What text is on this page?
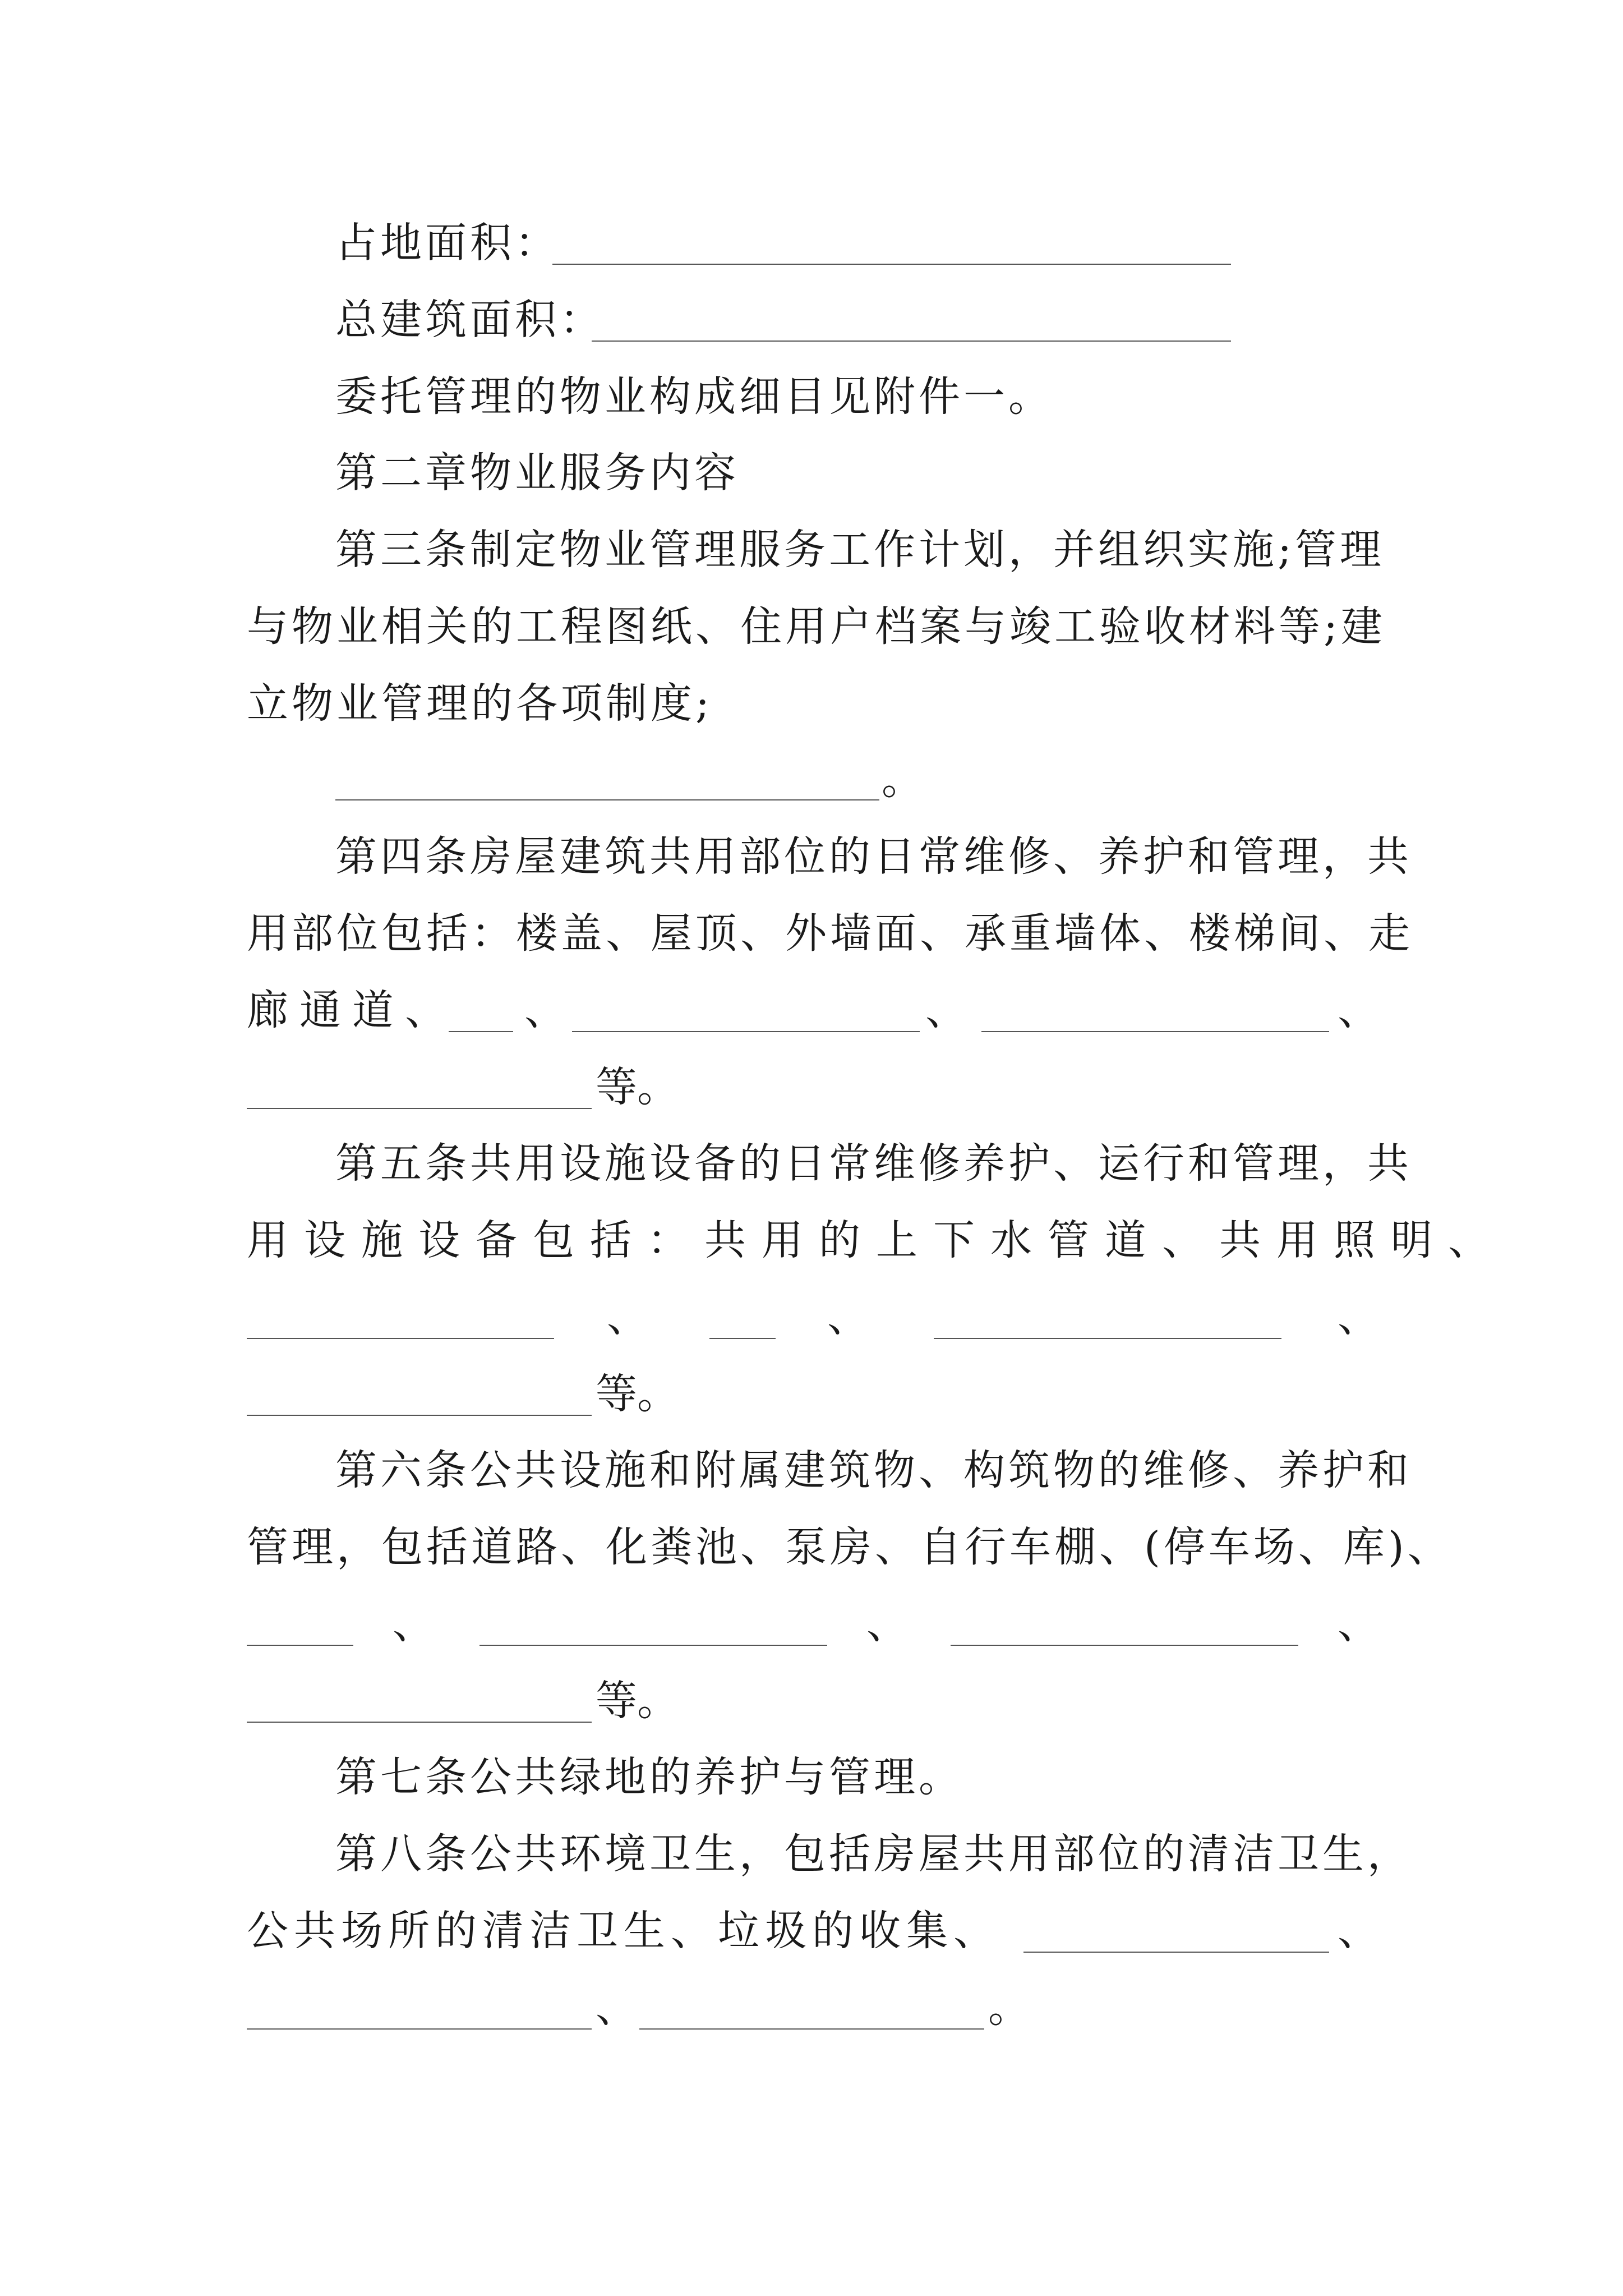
占地面积：
总建筑面积：
委托管理的物业构成细目见附件一。
第二章物业服务内容
第三条制定物业管理服务工作计划，并组织实施;管理
与物业相关的工程图纸、住用户档案与竣工验收材料等;建
立物业管理的各项制度;
。
第四条房屋建筑共用部位的日常维修、养护和管理，共
用部位包括：楼盖、屋顶、外墙面、承重墙体、楼梯间、走
廊通道、 、	、	、
等。
第五条共用设施设备的日常维修养护、运行和管理，共
用设施设备包括：共用的上下水管道、共用照明、
、	、	、
等。
第六条公共设施和附属建筑物、构筑物的维修、养护和
管理，包括道路、化粪池、泵房、自行车棚、(停车场、库)、
、	、	、
等。
第七条公共绿地的养护与管理。
第八条公共环境卫生，包括房屋共用部位的清洁卫生，
公共场所的清洁卫生、垃圾的收集、	、
、	。
